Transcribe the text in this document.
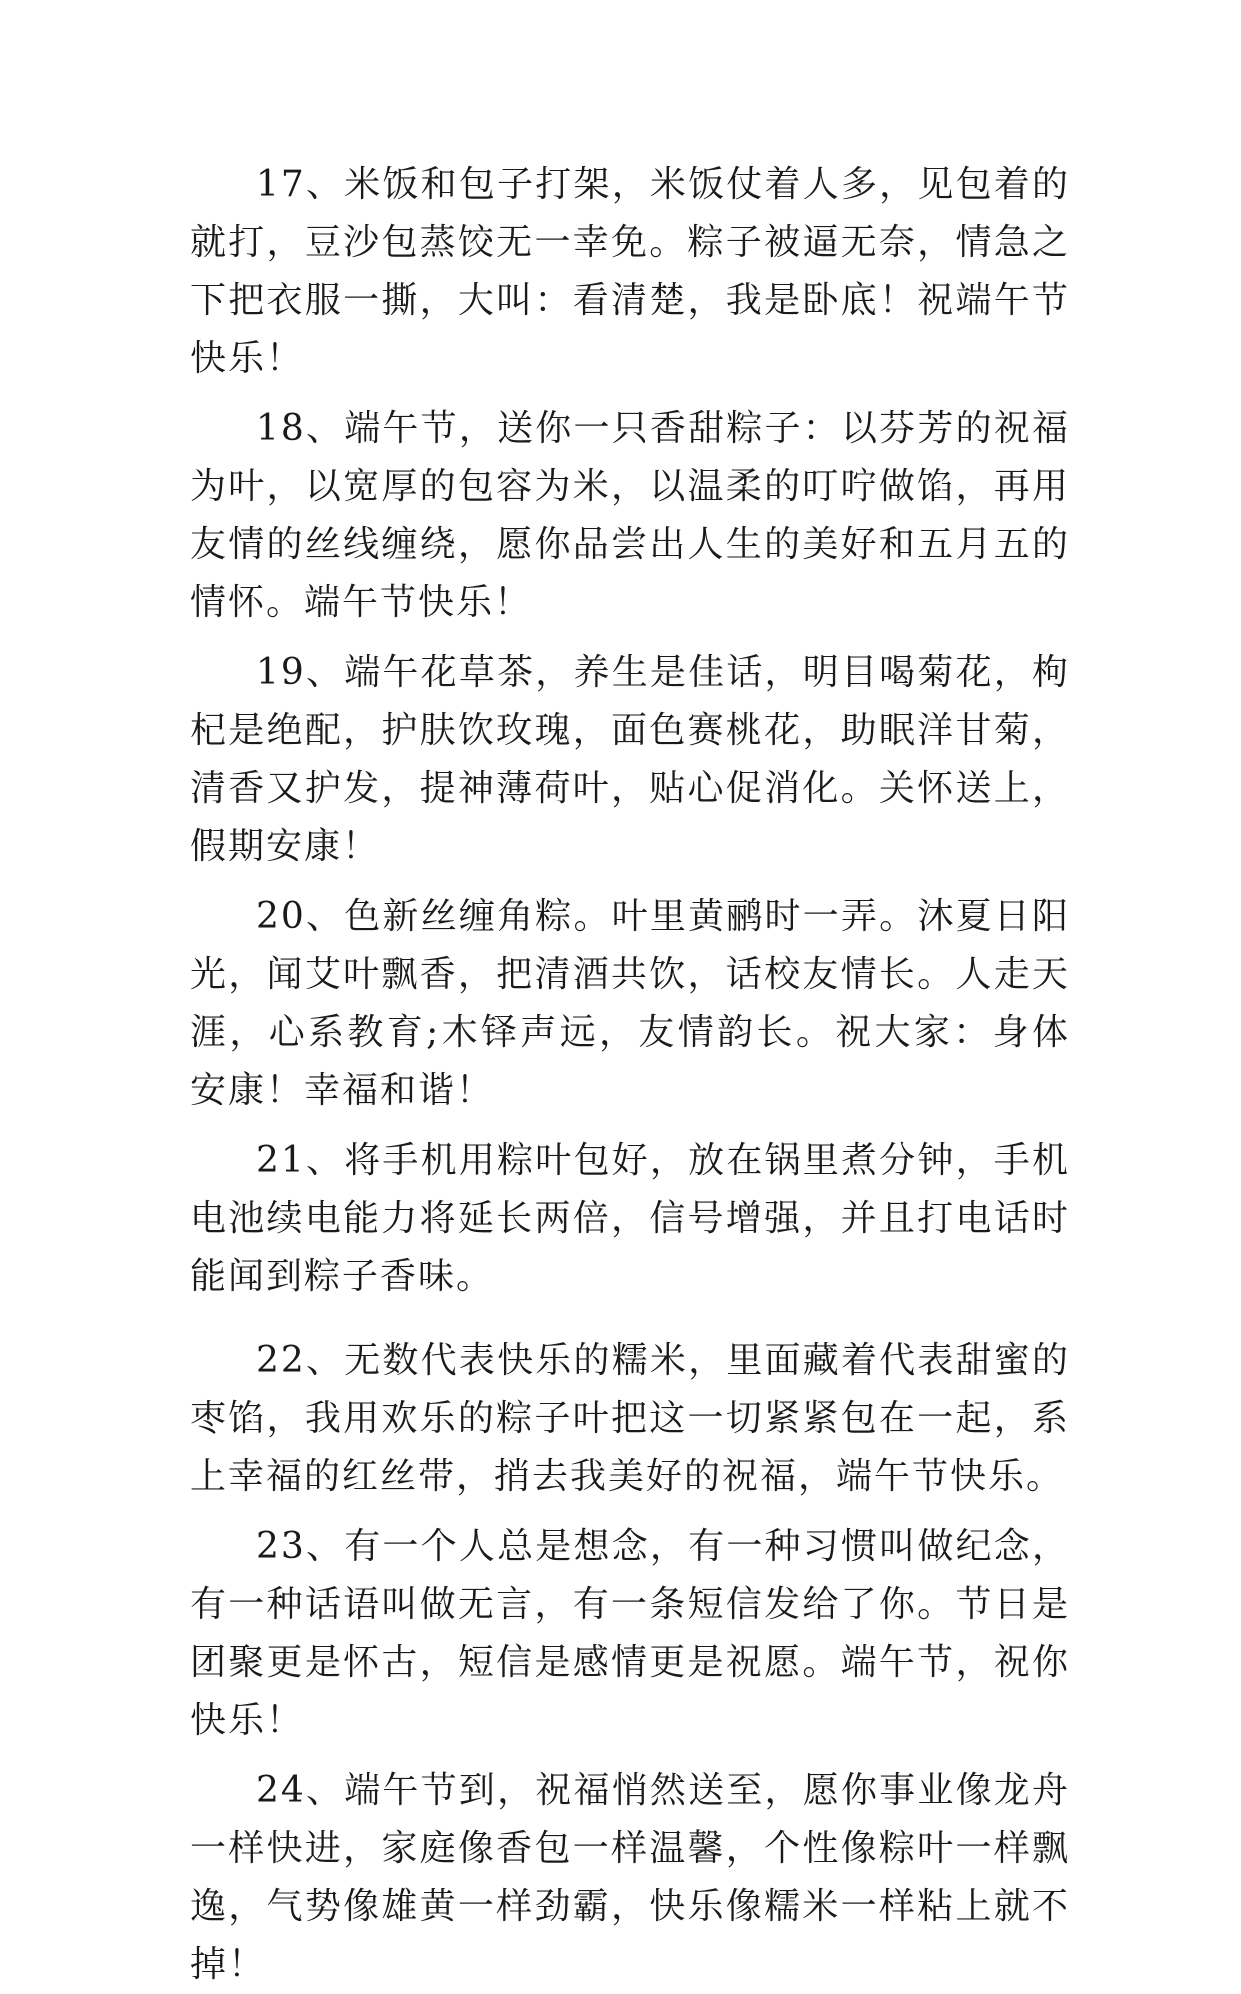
17、米饭和包子打架，米饭仗着人多，见包着的就打，豆沙包蒸饺无一幸免。粽子被逼无奈，情急之下把衣服一撕，大叫：看清楚，我是卧底！祝端午节快乐！

18、端午节，送你一只香甜粽子：以芬芳的祝福为叶，以宽厚的包容为米，以温柔的叮咛做馅，再用友情的丝线缠绕，愿你品尝出人生的美好和五月五的情怀。端午节快乐！

19、端午花草茶，养生是佳话，明目喝菊花，枸杞是绝配，护肤饮玫瑰，面色赛桃花，助眠洋甘菊，清香又护发，提神薄荷叶，贴心促消化。关怀送上，假期安康！

20、色新丝缠角粽。叶里黄鹂时一弄。沐夏日阳光，闻艾叶飘香，把清酒共饮，话校友情长。人走天涯，心系教育;木铎声远，友情韵长。祝大家：身体安康！幸福和谐！

21、将手机用粽叶包好，放在锅里煮分钟，手机电池续电能力将延长两倍，信号增强，并且打电话时能闻到粽子香味。

22、无数代表快乐的糯米，里面藏着代表甜蜜的枣馅，我用欢乐的粽子叶把这一切紧紧包在一起，系上幸福的红丝带，捎去我美好的祝福，端午节快乐。

23、有一个人总是想念，有一种习惯叫做纪念，有一种话语叫做无言，有一条短信发给了你。节日是团聚更是怀古，短信是感情更是祝愿。端午节，祝你快乐！

24、端午节到，祝福悄然送至，愿你事业像龙舟一样快进，家庭像香包一样温馨，个性像粽叶一样飘逸，气势像雄黄一样劲霸，快乐像糯米一样粘上就不掉！
